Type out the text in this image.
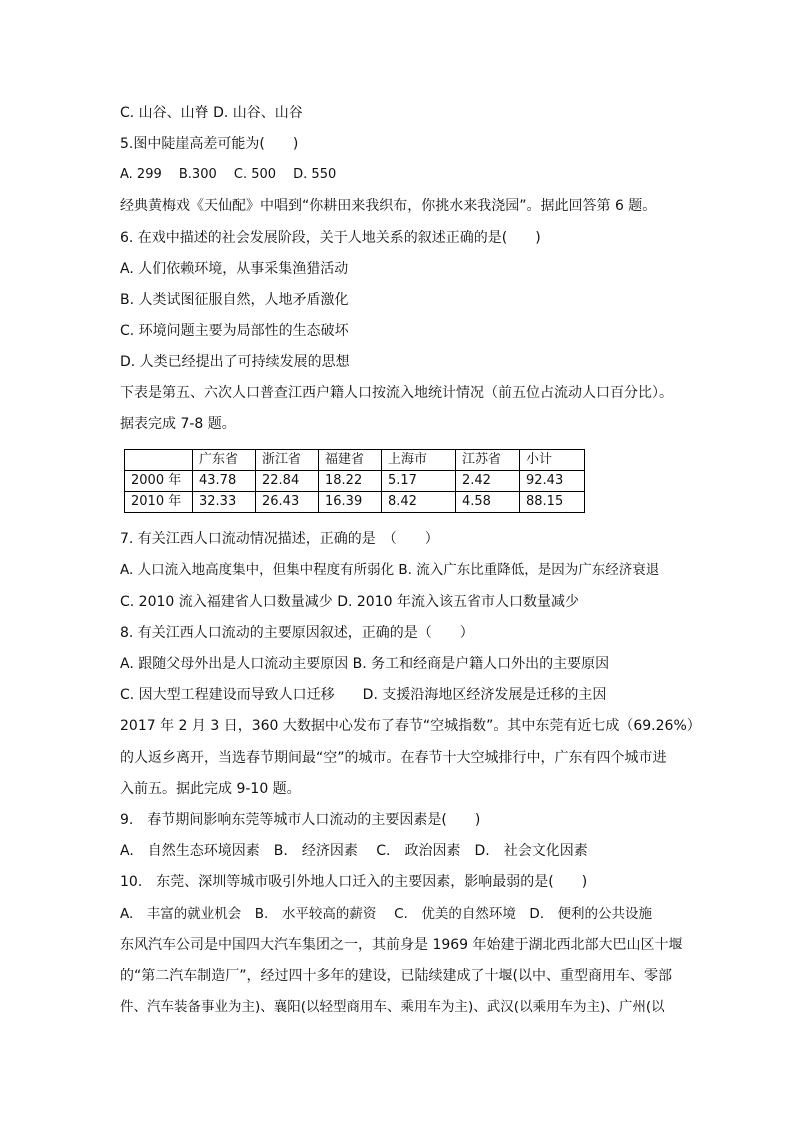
C. 山谷、山脊 D. 山谷、山谷
5.图中陡崖高差可能为(　　)
A. 299　 B.300　 C. 500　 D. 550
经典黄梅戏《天仙配》中唱到“你耕田来我织布，你挑水来我浇园”。据此回答第 6 题。
6. 在戏中描述的社会发展阶段，关于人地关系的叙述正确的是(　　)
A. 人们依赖环境，从事采集渔猎活动
B. 人类试图征服自然，人地矛盾激化
C. 环境问题主要为局部性的生态破坏
D. 人类已经提出了可持续发展的思想
下表是第五、六次人口普查江西户籍人口按流入地统计情况（前五位占流动人口百分比）。
据表完成 7-8 题。
	广东省	浙江省	福建省	上海市	江苏省	小计
2000 年	43.78	22.84	18.22	5.17	2.42	92.43
2010 年	32.33	26.43	16.39	8.42	4.58	88.15
7. 有关江西人口流动情况描述，正确的是　（　　）
A. 人口流入地高度集中，但集中程度有所弱化 B. 流入广东比重降低，是因为广东经济衰退
C. 2010 流入福建省人口数量减少 D. 2010 年流入该五省市人口数量减少
8. 有关江西人口流动的主要原因叙述，正确的是（　　）
A. 跟随父母外出是人口流动主要原因 B. 务工和经商是户籍人口外出的主要原因
C. 因大型工程建设而导致人口迁移　　D. 支援沿海地区经济发展是迁移的主因
2017 年 2 月 3 日，360 大数据中心发布了春节“空城指数”。其中东莞有近七成（69.26%）
的人返乡离开，当选春节期间最“空”的城市。在春节十大空城排行中，广东有四个城市进
入前五。据此完成 9-10 题。
9.　春节期间影响东莞等城市人口流动的主要因素是(　　)
A.　自然生态环境因素　B.　经济因素　 C.　政治因素　D.　社会文化因素
10.　东莞、深圳等城市吸引外地人口迁入的主要因素，影响最弱的是(　　)
A.　丰富的就业机会　B.　水平较高的薪资　 C.　优美的自然环境　D.　便利的公共设施
东风汽车公司是中国四大汽车集团之一，其前身是 1969 年始建于湖北西北部大巴山区十堰
的“第二汽车制造厂”，经过四十多年的建设，已陆续建成了十堰(以中、重型商用车、零部
件、汽车装备事业为主)、襄阳(以轻型商用车、乘用车为主)、武汉(以乘用车为主)、广州(以
